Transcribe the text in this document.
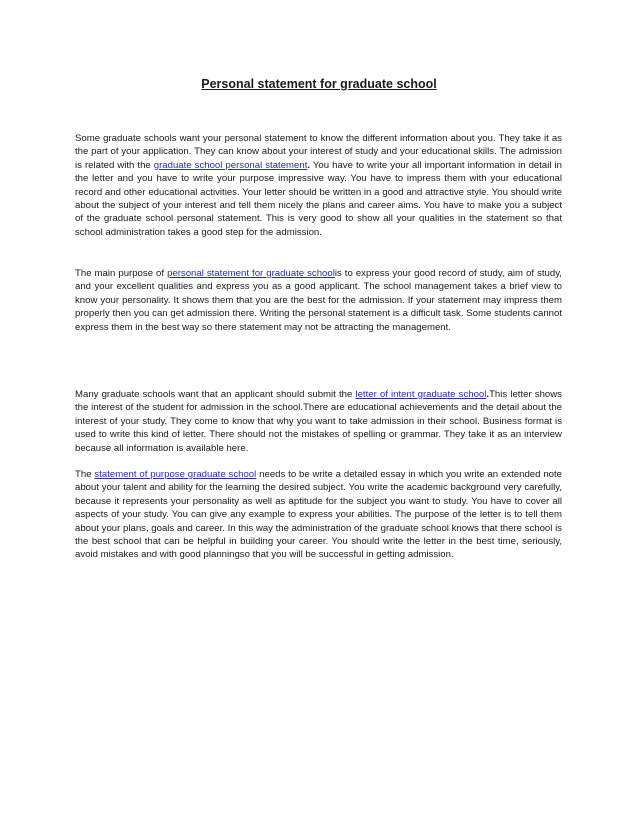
Personal statement for graduate school

Some graduate schools want your personal statement to know the different information about you. They take it as the part of your application. They can know about your interest of study and your educational skills. The admission is related with the graduate school personal statement. You have to write your all important information in detail in the letter and you have to write your purpose impressive way. You have to impress them with your educational record and other educational activities. Your letter should be written in a good and attractive style. You should write about the subject of your interest and tell them nicely the plans and career aims. You have to make you a subject of the graduate school personal statement. This is very good to show all your qualities in the statement so that school administration takes a good step for the admission.

The main purpose of personal statement for graduate schoolis to express your good record of study, aim of study, and your excellent qualities and express you as a good applicant. The school management takes a brief view to know your personality. It shows them that you are the best for the admission. If your statement may impress them properly then you can get admission there. Writing the personal statement is a difficult task. Some students cannot express them in the best way so there statement may not be attracting the management.

Many graduate schools want that an applicant should submit the letter of intent graduate school.This letter shows the interest of the student for admission in the school.There are educational achievements and the detail about the interest of your study. They come to know that why you want to take admission in their school. Business format is used to write this kind of letter. There should not the mistakes of spelling or grammar. They take it as an interview because all information is available here.

The statement of purpose graduate school needs to be write a detailed essay in which you write an extended note about your talent and ability for the learning the desired subject. You write the academic background very carefully, because it represents your personality as well as aptitude for the subject you want to study. You have to cover all aspects of your study. You can give any example to express your abilities. The purpose of the letter is to tell them about your plans, goals and career. In this way the administration of the graduate school knows that there school is the best school that can be helpful in building your career. You should write the letter in the best time, seriously, avoid mistakes and with good planningso that you will be successful in getting admission.
